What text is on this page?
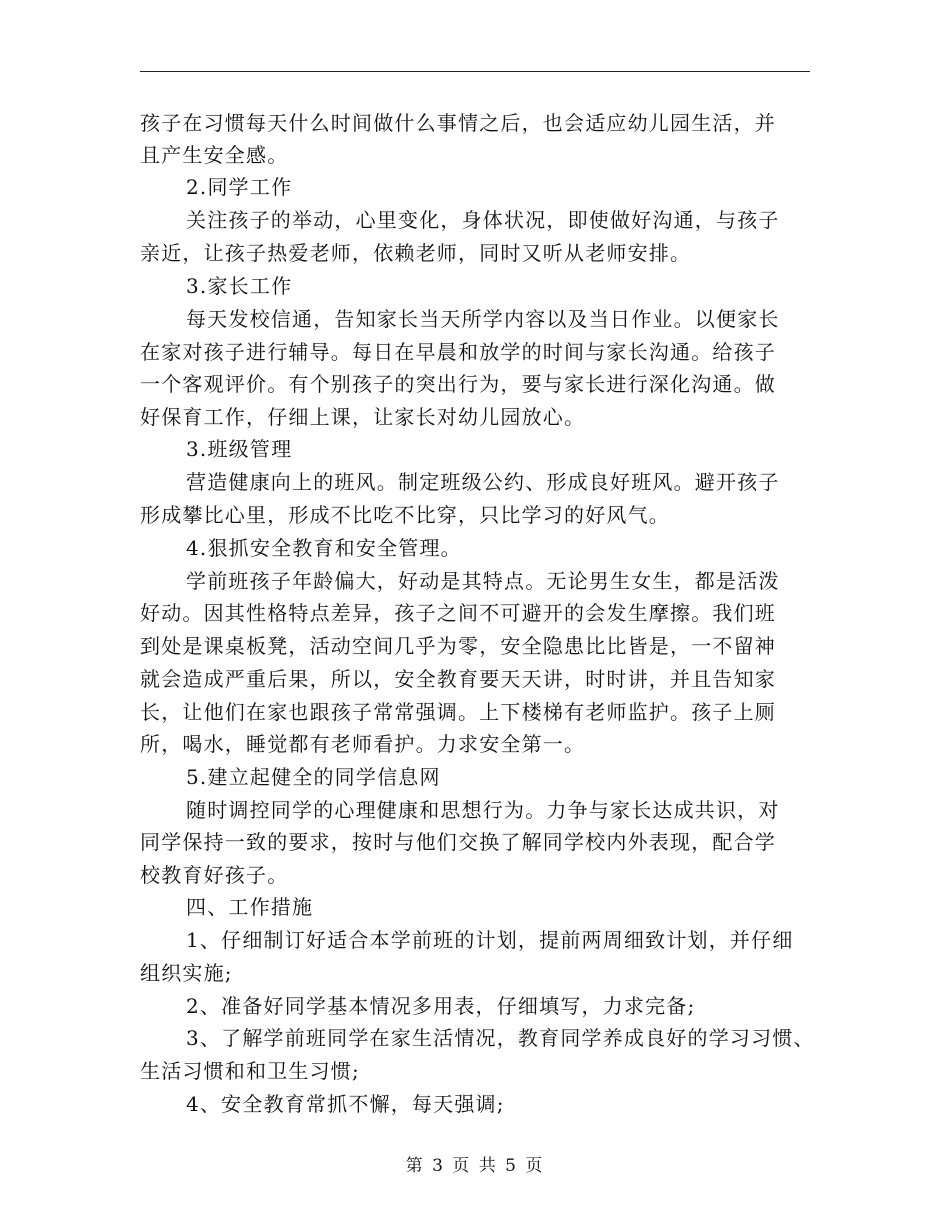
孩子在习惯每天什么时间做什么事情之后，也会适应幼儿园生活，并
且产生安全感。
2.同学工作
关注孩子的举动，心里变化，身体状况，即使做好沟通，与孩子
亲近，让孩子热爱老师，依赖老师，同时又听从老师安排。
3.家长工作
每天发校信通，告知家长当天所学内容以及当日作业。以便家长
在家对孩子进行辅导。每日在早晨和放学的时间与家长沟通。给孩子
一个客观评价。有个别孩子的突出行为，要与家长进行深化沟通。做
好保育工作，仔细上课，让家长对幼儿园放心。
3.班级管理
营造健康向上的班风。制定班级公约、形成良好班风。避开孩子
形成攀比心里，形成不比吃不比穿，只比学习的好风气。
4.狠抓安全教育和安全管理。
学前班孩子年龄偏大，好动是其特点。无论男生女生，都是活泼
好动。因其性格特点差异，孩子之间不可避开的会发生摩擦。我们班
到处是课桌板凳，活动空间几乎为零，安全隐患比比皆是，一不留神
就会造成严重后果，所以，安全教育要天天讲，时时讲，并且告知家
长，让他们在家也跟孩子常常强调。上下楼梯有老师监护。孩子上厕
所，喝水，睡觉都有老师看护。力求安全第一。
5.建立起健全的同学信息网
随时调控同学的心理健康和思想行为。力争与家长达成共识，对
同学保持一致的要求，按时与他们交换了解同学校内外表现，配合学
校教育好孩子。
四、工作措施
1、仔细制订好适合本学前班的计划，提前两周细致计划，并仔细
组织实施;
2、准备好同学基本情况多用表，仔细填写，力求完备;
3、了解学前班同学在家生活情况，教育同学养成良好的学习习惯、
生活习惯和和卫生习惯;
4、安全教育常抓不懈，每天强调;
第 3 页 共 5 页
